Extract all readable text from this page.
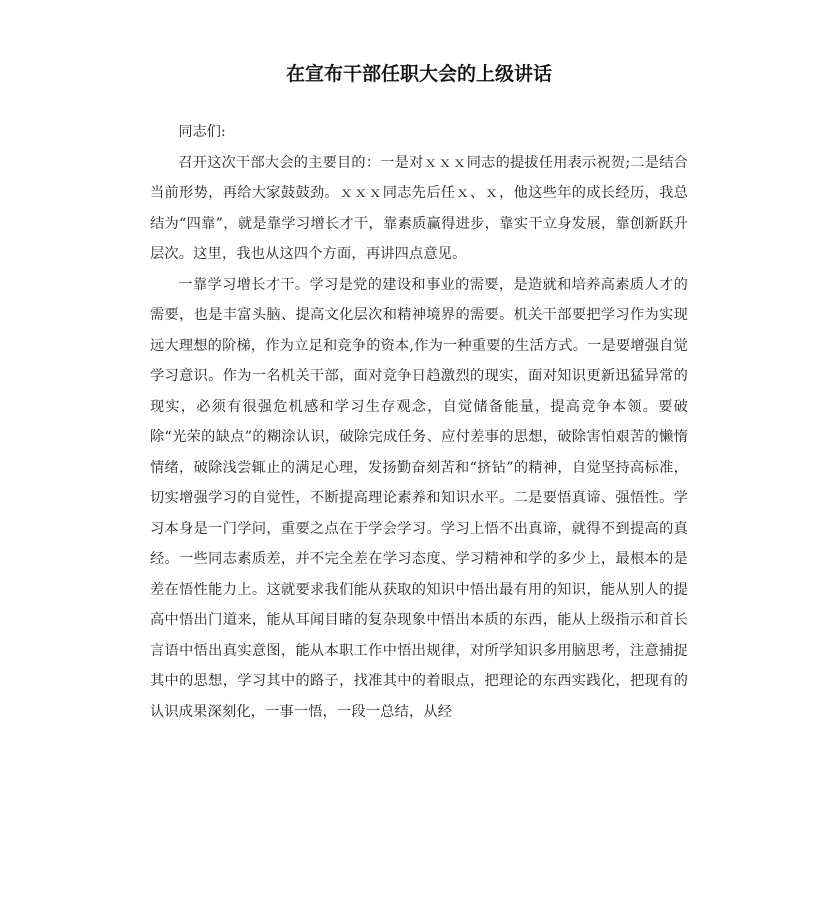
在宣布干部任职大会的上级讲话

同志们:

召开这次干部大会的主要目的：一是对ｘｘｘ同志的提拔任用表示祝贺;二是结合当前形势，再给大家鼓鼓劲。ｘｘｘ同志先后任ｘ、ｘ，他这些年的成长经历，我总结为“四靠”，就是靠学习增长才干，靠素质赢得进步，靠实干立身发展，靠创新跃升层次。这里，我也从这四个方面，再讲四点意见。

一靠学习增长才干。学习是党的建设和事业的需要，是造就和培养高素质人才的需要，也是丰富头脑、提高文化层次和精神境界的需要。机关干部要把学习作为实现远大理想的阶梯，作为立足和竞争的资本,作为一种重要的生活方式。一是要增强自觉学习意识。作为一名机关干部，面对竞争日趋激烈的现实，面对知识更新迅猛异常的现实，必须有很强危机感和学习生存观念，自觉储备能量，提高竞争本领。要破除“光荣的缺点”的糊涂认识，破除完成任务、应付差事的思想，破除害怕艰苦的懒惰情绪，破除浅尝辄止的满足心理，发扬勤奋刻苦和“挤钻”的精神，自觉坚持高标准，切实增强学习的自觉性，不断提高理论素养和知识水平。二是要悟真谛、强悟性。学习本身是一门学问，重要之点在于学会学习。学习上悟不出真谛，就得不到提高的真经。一些同志素质差，并不完全差在学习态度、学习精神和学的多少上，最根本的是差在悟性能力上。这就要求我们能从获取的知识中悟出最有用的知识，能从别人的提高中悟出门道来，能从耳闻目睹的复杂现象中悟出本质的东西，能从上级指示和首长言语中悟出真实意图，能从本职工作中悟出规律，对所学知识多用脑思考，注意捕捉其中的思想，学习其中的路子，找准其中的着眼点，把理论的东西实践化，把现有的认识成果深刻化，一事一悟，一段一总结，从经
